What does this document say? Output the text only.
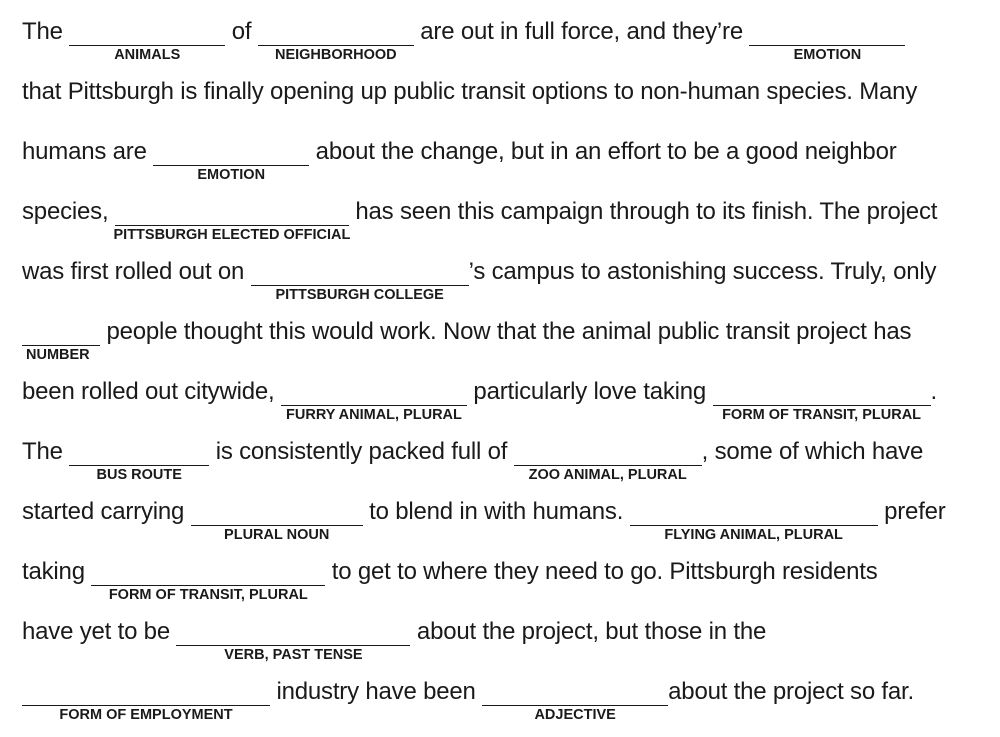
The
ANIMALS
of
NEIGHBORHOOD
are out in full force, and they’re
EMOTION
that Pittsburgh is finally opening up public transit options to non-human species. Many
humans are
EMOTION
about the change, but in an effort to be a good neighbor
species,
PITTSBURGH ELECTED OFFICIAL
has seen this campaign through to its finish. The project
was first rolled out on
PITTSBURGH COLLEGE
’s campus to astonishing success. Truly, only
NUMBER
people thought this would work. Now that the animal public transit project has
been rolled out citywide,
FURRY ANIMAL, PLURAL
particularly love taking
FORM OF TRANSIT, PLURAL
.
The
BUS ROUTE
is consistently packed full of
ZOO ANIMAL, PLURAL
, some of which have
started carrying
PLURAL NOUN
to blend in with humans.
FLYING ANIMAL, PLURAL
prefer
taking
FORM OF TRANSIT, PLURAL
to get to where they need to go. Pittsburgh residents
have yet to be
VERB, PAST TENSE
about the project, but those in the
FORM OF EMPLOYMENT
industry have been
ADJECTIVE
about the project so far.
